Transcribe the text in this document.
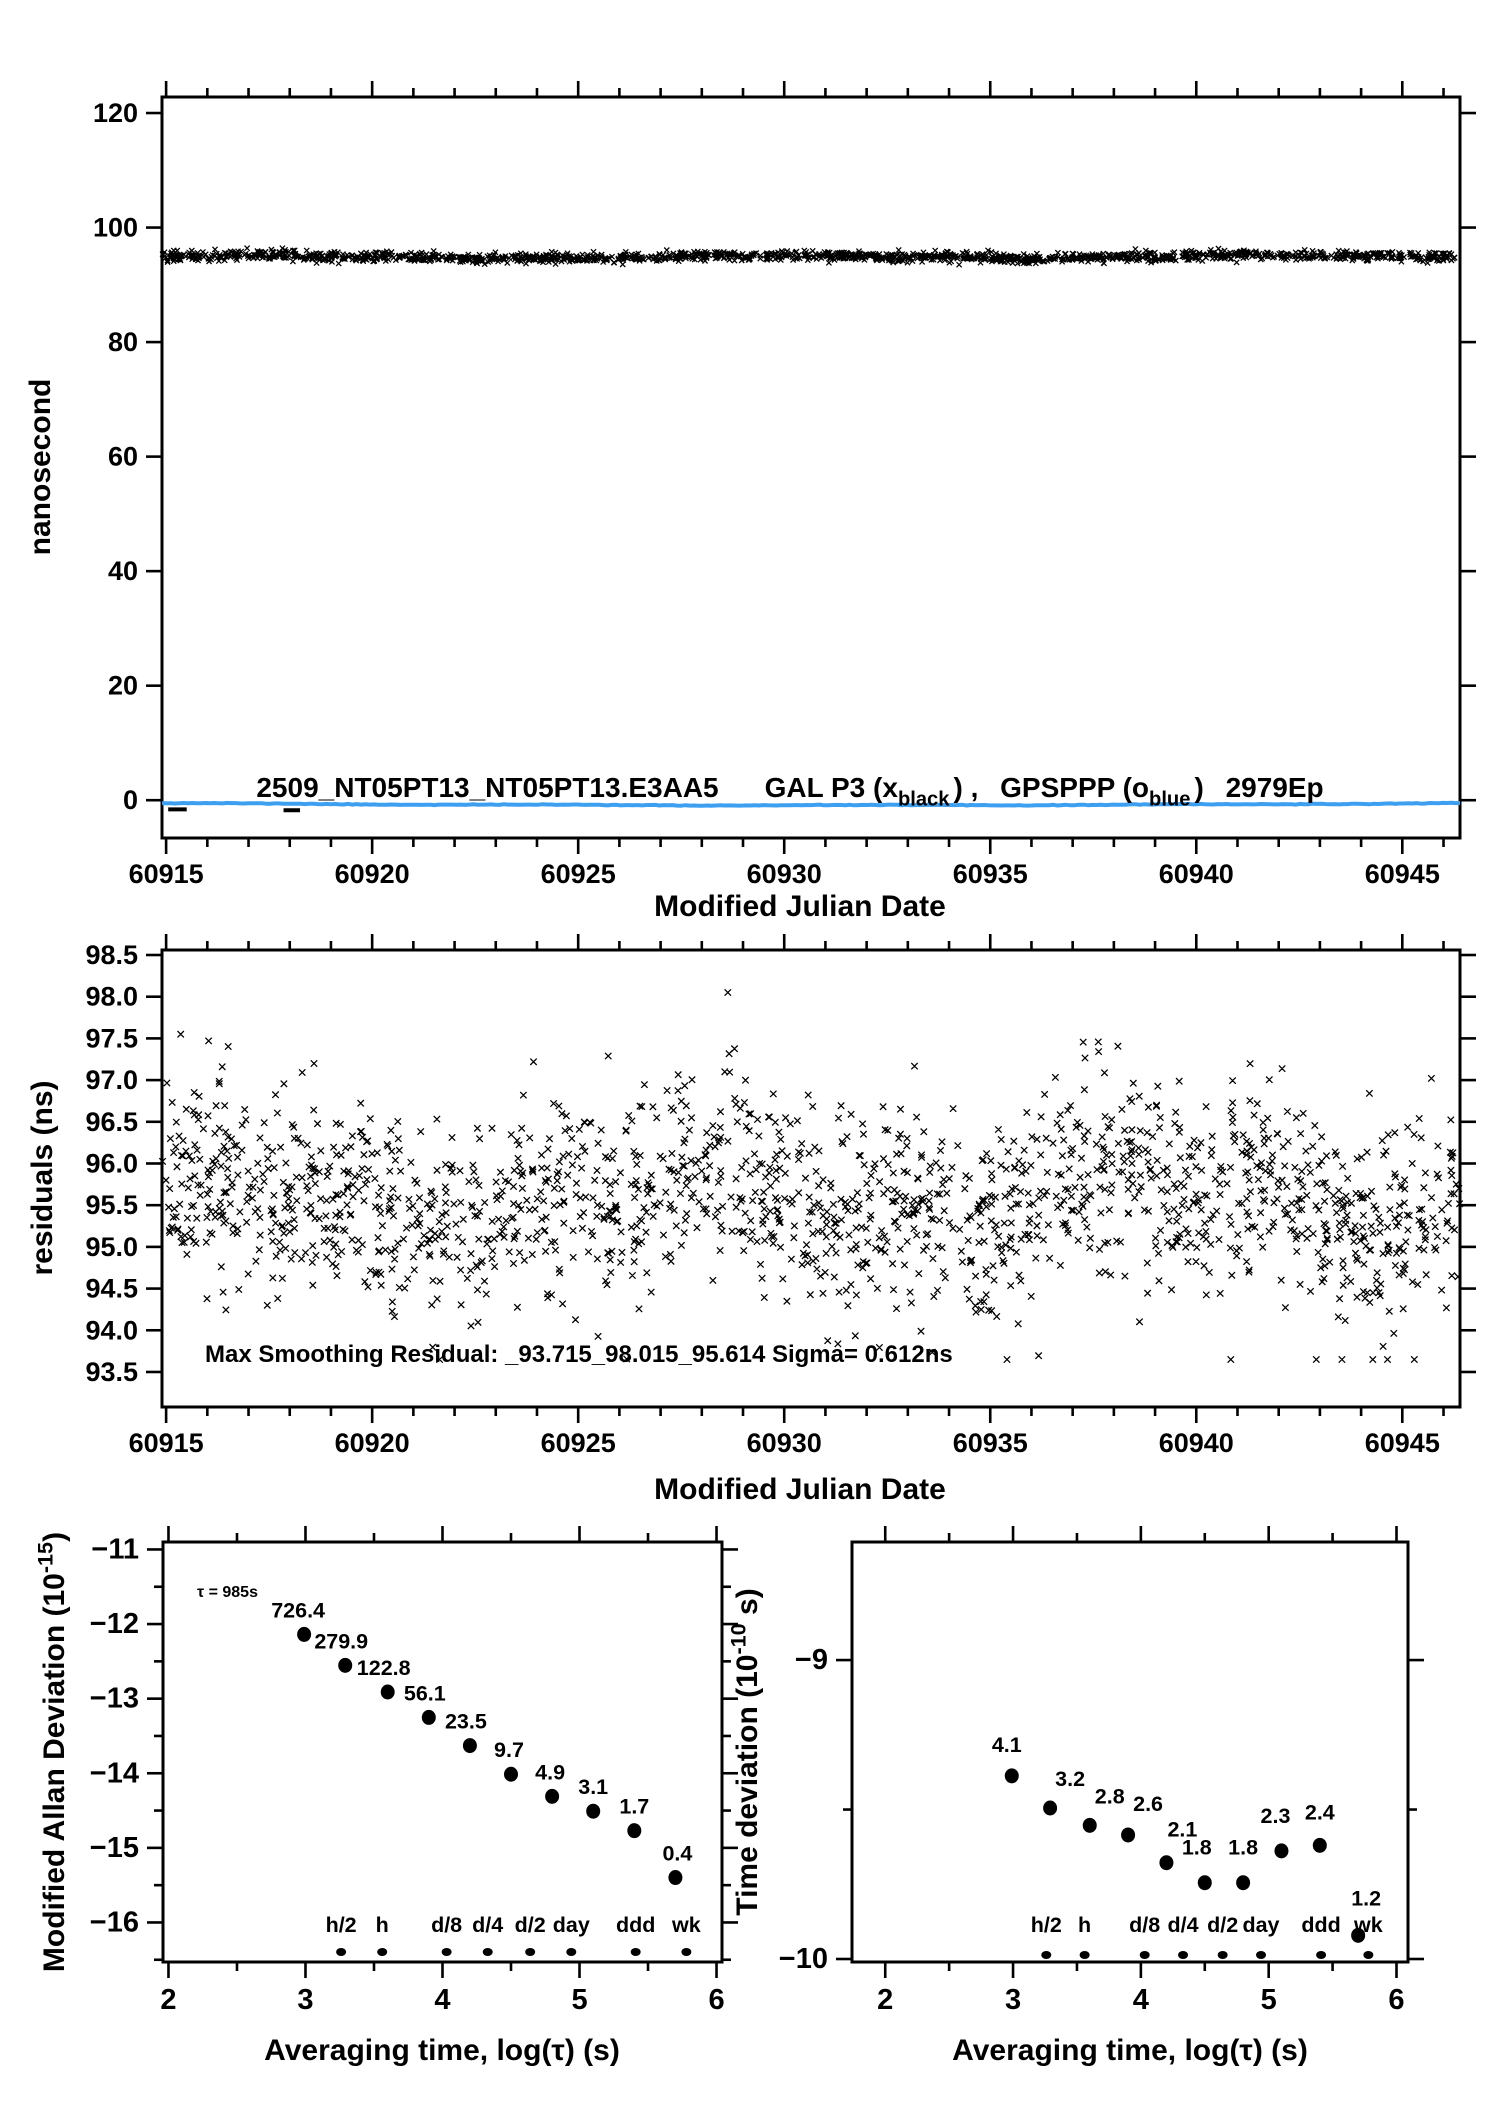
60915	60920	60925	60930	60935	60940	60945
0
20
40
60
80
100
120
Modified Julian Date
nanosecond
2509_NT05PT13_NT05PT13.E3AA5 GAL P3 ($x_{black}$ ) , GPSPPP ($o_{blue}$ ) 2979Ep
60915	60920	60925	60930	60935	60940	60945
93.5
94.0
94.5
95.0
95.5
96.0
96.5
97.0
97.5
98.0
98.5
Modified Julian Date
residuals (ns)
Max Smoothing Residual: _93.715_98.015_95.614 Sigma= 0.612ns
2	3	4	5	6
−16
−15
−14
−13
−12
−11
Averaging time, log(τ) (s)
Modified Allan Deviation $(10^{-15})$
726.4
279.9
122.8
56.1
23.5
9.7
4.9
3.1
1.7
0.4
h/2 h d/8 d/4 d/2 day ddd wk
τ = 985s
2	3	4	5	6
−10
−9
Averaging time, log(τ) (s)
Time deviation ($10^{-10}$ s)
4.1
3.2
2.8 2.6
2.1
1.8 1.8
2.3 2.4
1.2
h/2 h d/8 d/4 d/2 day ddd wk
